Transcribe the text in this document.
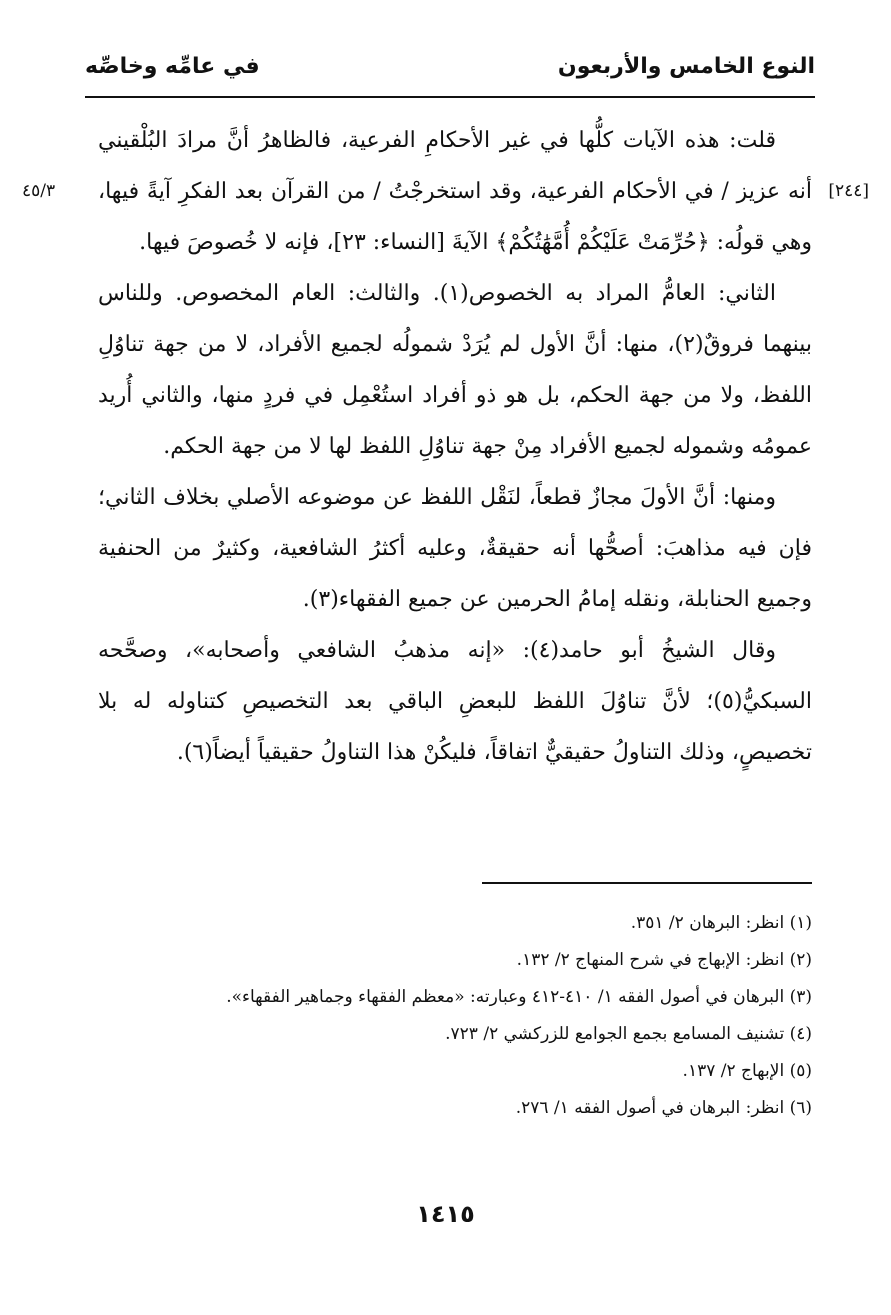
النوع الخامس والأربعون
في عامِّه وخاصِّه
[٢٤٤]
٤٥/٣

قلت: هذه الآيات كلُّها في غير الأحكامِ الفرعية، فالظاهرُ أنَّ مرادَ البُلْقيني أنه عزيز / في الأحكام الفرعية، وقد استخرجْتُ / من القرآن بعد الفكرِ آيةً فيها، وهي قولُه: ﴿حُرِّمَتْ عَلَيْكُمْ أُمَّهَٰتُكُمْ﴾ الآيةَ [النساء: ٢٣]، فإنه لا خُصوصَ فيها.

الثاني: العامُّ المراد به الخصوص(١). والثالث: العام المخصوص. وللناس بينهما فروقٌ(٢)، منها: أنَّ الأول لم يُرَدْ شمولُه لجميع الأفراد، لا من جهة تناوُلِ اللفظ، ولا من جهة الحكم، بل هو ذو أفراد استُعْمِل في فردٍ منها، والثاني أُريد عمومُه وشموله لجميع الأفراد مِنْ جهة تناوُلِ اللفظ لها لا من جهة الحكم.

ومنها: أنَّ الأولَ مجازٌ قطعاً، لنَقْل اللفظ عن موضوعه الأصلي بخلاف الثاني؛ فإن فيه مذاهبَ: أصحُّها أنه حقيقةٌ، وعليه أكثرُ الشافعية، وكثيرٌ من الحنفية وجميع الحنابلة، ونقله إمامُ الحرمين عن جميع الفقهاء(٣).

وقال الشيخُ أبو حامد(٤): «إنه مذهبُ الشافعي وأصحابه»، وصحَّحه السبكيُّ(٥)؛ لأنَّ تناوُلَ اللفظ للبعضِ الباقي بعد التخصيصِ كتناوله له بلا تخصيصٍ، وذلك التناولُ حقيقيٌّ اتفاقاً، فليكُنْ هذا التناولُ حقيقياً أيضاً(٦).

(١) انظر: البرهان ٢/ ٣٥١.
(٢) انظر: الإبهاج في شرح المنهاج ٢/ ١٣٢.
(٣) البرهان في أصول الفقه ١/ ٤١٠-٤١٢ وعبارته: «معظم الفقهاء وجماهير الفقهاء».
(٤) تشنيف المسامع بجمع الجوامع للزركشي ٢/ ٧٢٣.
(٥) الإبهاج ٢/ ١٣٧.
(٦) انظر: البرهان في أصول الفقه ١/ ٢٧٦.
١٤١٥
